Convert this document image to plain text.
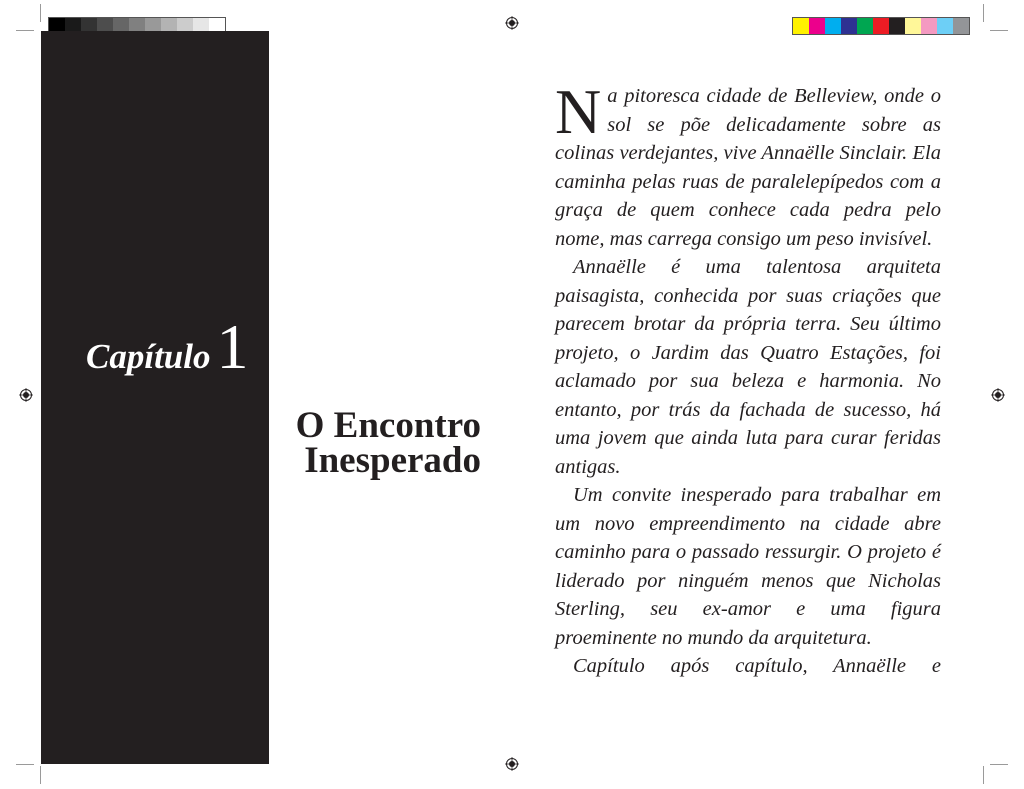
Capítulo1
O Encontro
Inesperado

Na pitoresca cidade de Belleview, onde o sol se põe delicadamente sobre as colinas verdejantes, vive Annaëlle Sinclair. Ela caminha pelas ruas de paralelepípedos com a graça de quem conhece cada pedra pelo nome, mas carrega consigo um peso invisível.

Annaëlle é uma talentosa arquiteta paisagista, conhecida por suas criações que parecem brotar da própria terra. Seu último projeto, o Jardim das Quatro Estações, foi aclamado por sua beleza e harmonia. No entanto, por trás da fachada de sucesso, há uma jovem que ainda luta para curar feridas antigas.

Um convite inesperado para trabalhar em um novo empreendimento na cidade abre caminho para o passado ressurgir. O projeto é liderado por ninguém menos que Nicholas Sterling, seu ex-amor e uma figura proeminente no mundo da arquitetura.

Capítulo após capítulo, Annaëlle e
